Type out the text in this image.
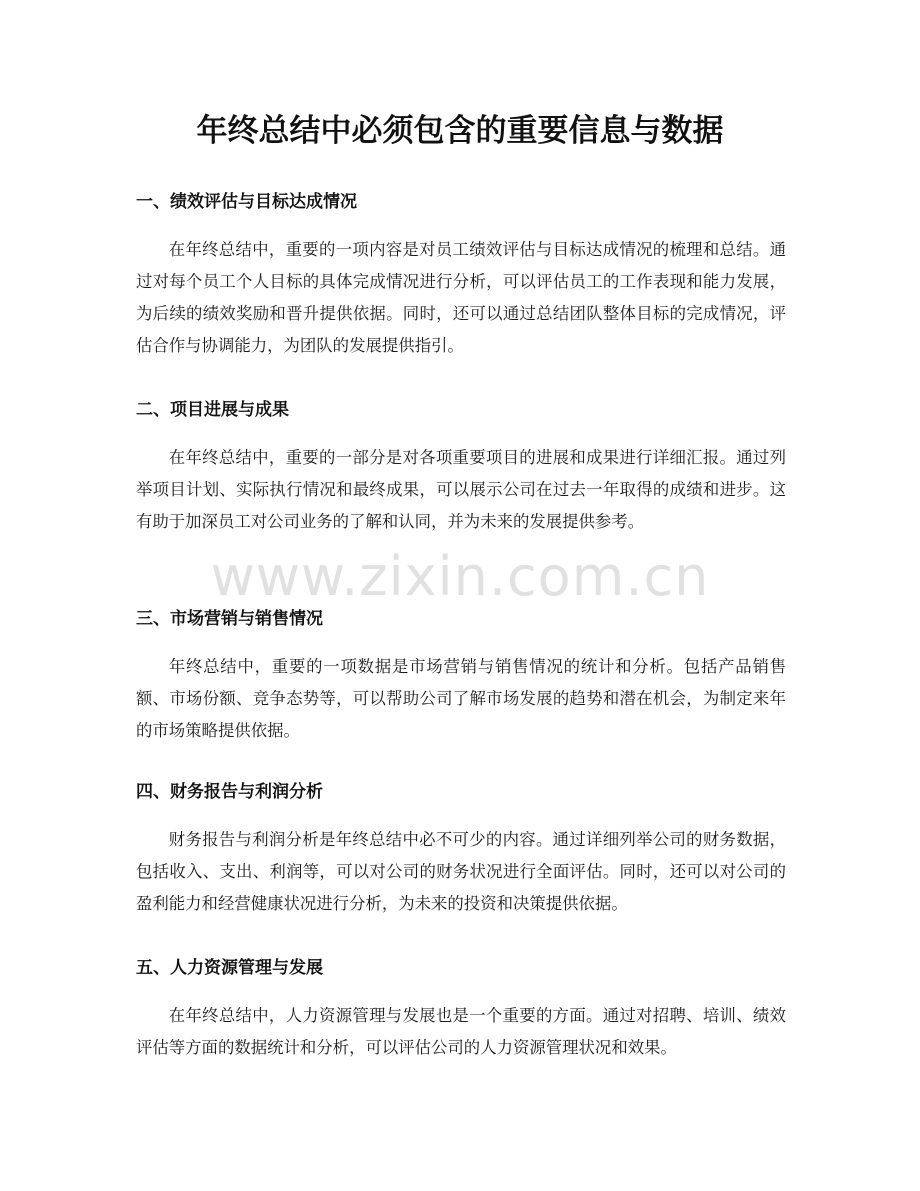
年终总结中必须包含的重要信息与数据
一、绩效评估与目标达成情况

在年终总结中，重要的一项内容是对员工绩效评估与目标达成情况的梳理和总结。通过对每个员工个人目标的具体完成情况进行分析，可以评估员工的工作表现和能力发展，为后续的绩效奖励和晋升提供依据。同时，还可以通过总结团队整体目标的完成情况，评估合作与协调能力，为团队的发展提供指引。

二、项目进展与成果

在年终总结中，重要的一部分是对各项重要项目的进展和成果进行详细汇报。通过列举项目计划、实际执行情况和最终成果，可以展示公司在过去一年取得的成绩和进步。这有助于加深员工对公司业务的了解和认同，并为未来的发展提供参考。

三、市场营销与销售情况

年终总结中，重要的一项数据是市场营销与销售情况的统计和分析。包括产品销售额、市场份额、竞争态势等，可以帮助公司了解市场发展的趋势和潜在机会，为制定来年的市场策略提供依据。

四、财务报告与利润分析

财务报告与利润分析是年终总结中必不可少的内容。通过详细列举公司的财务数据，包括收入、支出、利润等，可以对公司的财务状况进行全面评估。同时，还可以对公司的盈利能力和经营健康状况进行分析，为未来的投资和决策提供依据。

五、人力资源管理与发展

在年终总结中，人力资源管理与发展也是一个重要的方面。通过对招聘、培训、绩效评估等方面的数据统计和分析，可以评估公司的人力资源管理状况和效果。

www.zixin.com.cn
